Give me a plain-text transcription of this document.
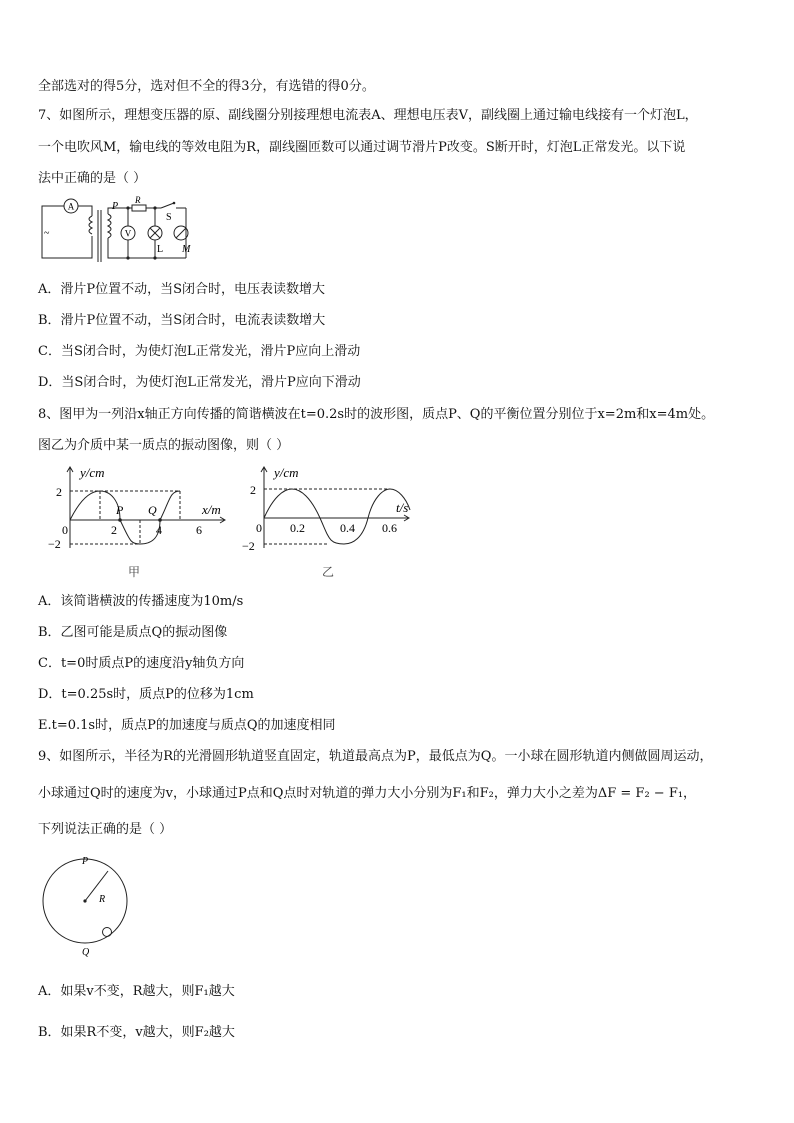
全部选对的得5分，选对但不全的得3分，有选错的得0分。
7、如图所示，理想变压器的原、副线圈分别接理想电流表A、理想电压表V，副线圈上通过输电线接有一个灯泡L，
一个电吹风M，输电线的等效电阻为R，副线圈匝数可以通过调节滑片P改变。S断开时，灯泡L正常发光。以下说
法中正确的是（ ）
A
V
~
P
R
S
L M
A．滑片P位置不动，当S闭合时，电压表读数增大
B．滑片P位置不动，当S闭合时，电流表读数增大
C．当S闭合时，为使灯泡L正常发光，滑片P应向上滑动
D．当S闭合时，为使灯泡L正常发光，滑片P应向下滑动
8、图甲为一列沿x轴正方向传播的简谐横波在t=0.2s时的波形图，质点P、Q的平衡位置分别位于x=2m和x=4m处。
图乙为介质中某一质点的振动图像，则（ ）
y/cm
x/m
2
−2
0	2	4	6
P Q
甲
y/cm
t/s
2
−2
0 0.2	0.4 0.6
乙
A．该简谐横波的传播速度为10m/s
B．乙图可能是质点Q的振动图像
C．t=0时质点P的速度沿y轴负方向
D．t=0.25s时，质点P的位移为1cm
E.t=0.1s时，质点P的加速度与质点Q的加速度相同
9、如图所示，半径为R的光滑圆形轨道竖直固定，轨道最高点为P，最低点为Q。一小球在圆形轨道内侧做圆周运动，
小球通过Q时的速度为v，小球通过P点和Q点时对轨道的弹力大小分别为F₁和F₂，弹力大小之差为ΔF = F₂ − F₁，
下列说法正确的是（ ）
P
R
Q
A．如果v不变，R越大，则F₁越大
B．如果R不变，v越大，则F₂越大
